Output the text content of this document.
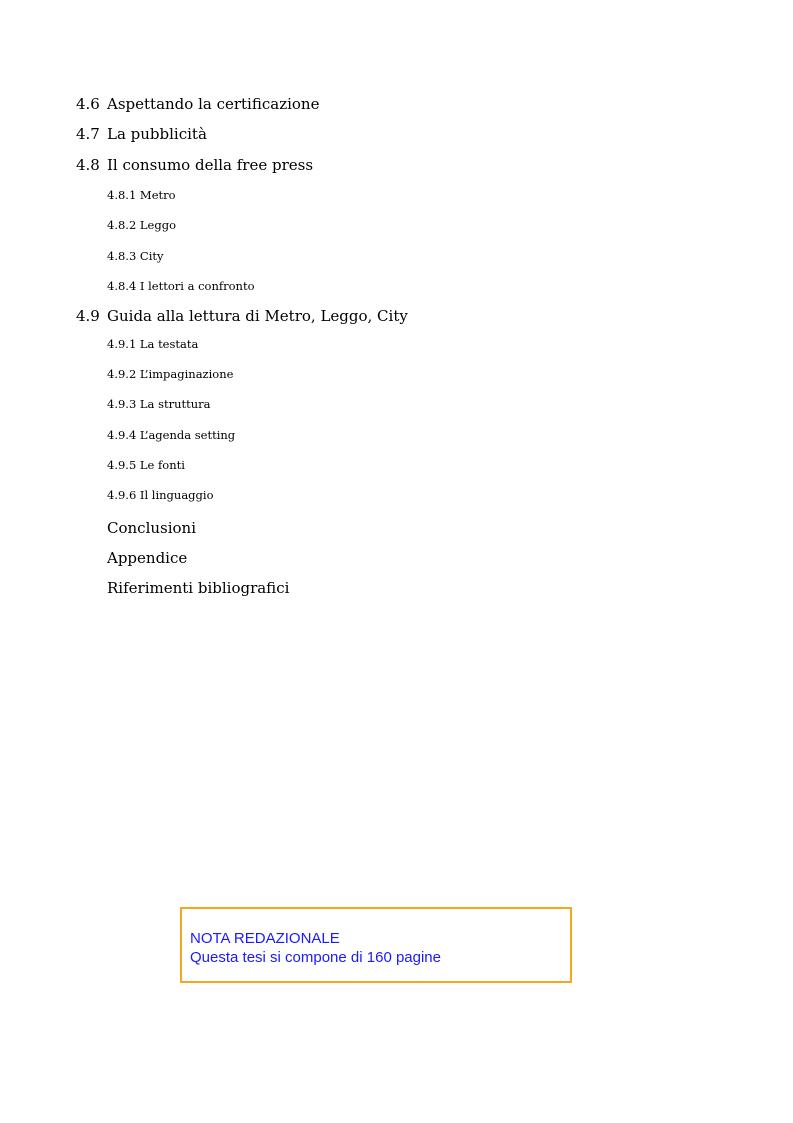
4.6 Aspettando la certificazione
4.7 La pubblicità
4.8 Il consumo della free press
4.8.1 Metro
4.8.2 Leggo
4.8.3 City
4.8.4 I lettori a confronto
4.9 Guida alla lettura di Metro, Leggo, City
4.9.1 La testata
4.9.2 L’impaginazione
4.9.3 La struttura
4.9.4 L’agenda setting
4.9.5 Le fonti
4.9.6 Il linguaggio
Conclusioni
Appendice
Riferimenti bibliografici
NOTA REDAZIONALE
Questa tesi si compone di 160 pagine
